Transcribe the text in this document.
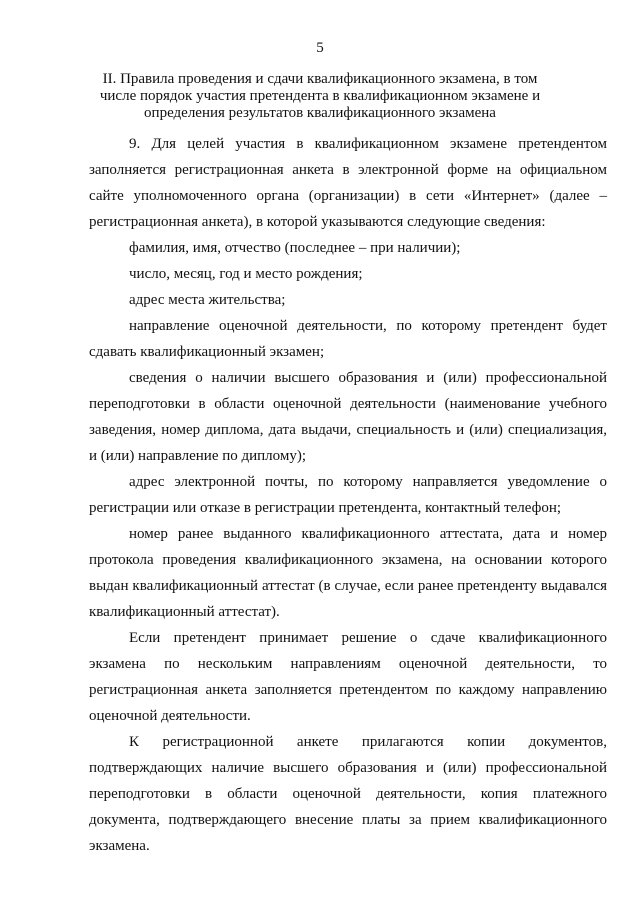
5
II. Правила проведения и сдачи квалификационного экзамена, в том числе порядок участия претендента в квалификационном экзамене и определения результатов квалификационного экзамена

9. Для целей участия в квалификационном экзамене претендентом заполняется регистрационная анкета в электронной форме на официальном сайте уполномоченного органа (организации) в сети «Интернет» (далее – регистрационная анкета), в которой указываются следующие сведения:

фамилия, имя, отчество (последнее – при наличии);

число, месяц, год и место рождения;

адрес места жительства;

направление оценочной деятельности, по которому претендент будет сдавать квалификационный экзамен;

сведения о наличии высшего образования и (или) профессиональной переподготовки в области оценочной деятельности (наименование учебного заведения, номер диплома, дата выдачи, специальность и (или) специализация, и (или) направление по диплому);

адрес электронной почты, по которому направляется уведомление о регистрации или отказе в регистрации претендента, контактный телефон;

номер ранее выданного квалификационного аттестата, дата и номер протокола проведения квалификационного экзамена, на основании которого выдан квалификационный аттестат (в случае, если ранее претенденту выдавался квалификационный аттестат).

Если претендент принимает решение о сдаче квалификационного экзамена по нескольким направлениям оценочной деятельности, то регистрационная анкета заполняется претендентом по каждому направлению оценочной деятельности.

К регистрационной анкете прилагаются копии документов, подтверждающих наличие высшего образования и (или) профессиональной переподготовки в области оценочной деятельности, копия платежного документа, подтверждающего внесение платы за прием квалификационного экзамена.
